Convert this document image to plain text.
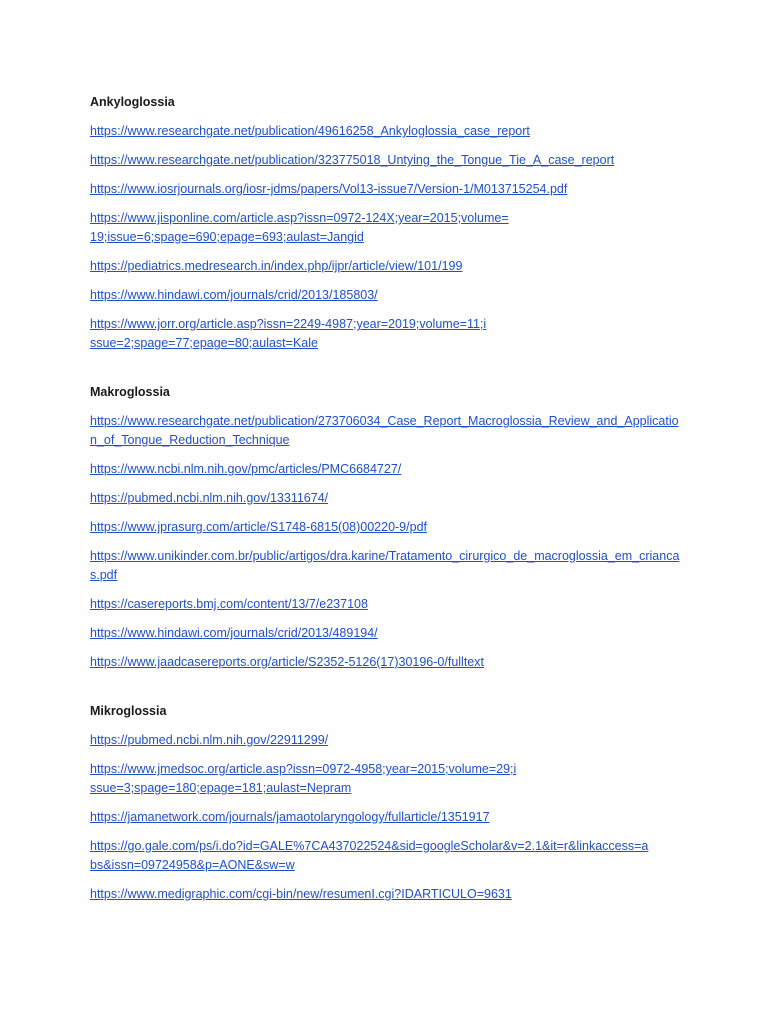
Ankyloglossia
https://www.researchgate.net/publication/49616258_Ankyloglossia_case_report
https://www.researchgate.net/publication/323775018_Untying_the_Tongue_Tie_A_case_report
https://www.iosrjournals.org/iosr-jdms/papers/Vol13-issue7/Version-1/M013715254.pdf
https://www.jisponline.com/article.asp?issn=0972-124X;year=2015;volume=19;issue=6;spage=690;epage=693;aulast=Jangid
https://pediatrics.medresearch.in/index.php/ijpr/article/view/101/199
https://www.hindawi.com/journals/crid/2013/185803/
https://www.jorr.org/article.asp?issn=2249-4987;year=2019;volume=11;issue=2;spage=77;epage=80;aulast=Kale
Makroglossia
https://www.researchgate.net/publication/273706034_Case_Report_Macroglossia_Review_and_Application_of_Tongue_Reduction_Technique
https://www.ncbi.nlm.nih.gov/pmc/articles/PMC6684727/
https://pubmed.ncbi.nlm.nih.gov/13311674/
https://www.jprasurg.com/article/S1748-6815(08)00220-9/pdf
https://www.unikinder.com.br/public/artigos/dra.karine/Tratamento_cirurgico_de_macroglossia_em_criancas.pdf
https://casereports.bmj.com/content/13/7/e237108
https://www.hindawi.com/journals/crid/2013/489194/
https://www.jaadcasereports.org/article/S2352-5126(17)30196-0/fulltext
Mikroglossia
https://pubmed.ncbi.nlm.nih.gov/22911299/
https://www.jmedsoc.org/article.asp?issn=0972-4958;year=2015;volume=29;issue=3;spage=180;epage=181;aulast=Nepram
https://jamanetwork.com/journals/jamaotolaryngology/fullarticle/1351917
https://go.gale.com/ps/i.do?id=GALE%7CA437022524&sid=googleScholar&v=2.1&it=r&linkaccess=abs&issn=09724958&p=AONE&sw=w
https://www.medigraphic.com/cgi-bin/new/resumenI.cgi?IDARTICULO=9631
